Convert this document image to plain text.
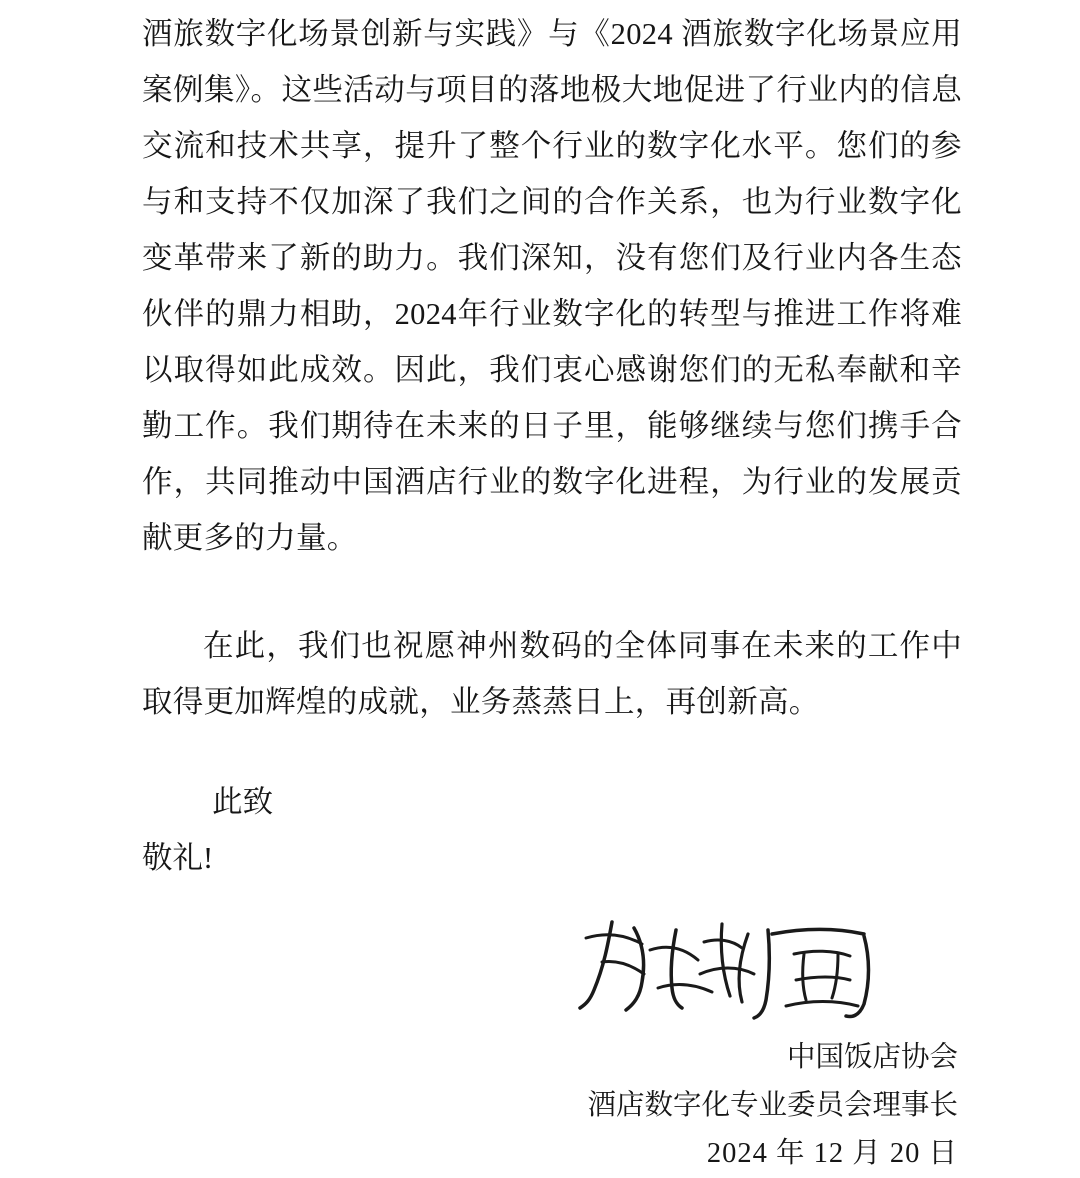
酒旅数字化场景创新与实践》与《2024 酒旅数字化场景应用案例集》。这些活动与项目的落地极大地促进了行业内的信息交流和技术共享，提升了整个行业的数字化水平。您们的参与和支持不仅加深了我们之间的合作关系，也为行业数字化变革带来了新的助力。我们深知，没有您们及行业内各生态伙伴的鼎力相助，2024年行业数字化的转型与推进工作将难以取得如此成效。因此，我们衷心感谢您们的无私奉献和辛勤工作。我们期待在未来的日子里，能够继续与您们携手合作，共同推动中国酒店行业的数字化进程，为行业的发展贡献更多的力量。
在此，我们也祝愿神州数码的全体同事在未来的工作中取得更加辉煌的成就，业务蒸蒸日上，再创新高。
此致
敬礼!
中国饭店协会
酒店数字化专业委员会理事长
2024 年 12 月 20 日
